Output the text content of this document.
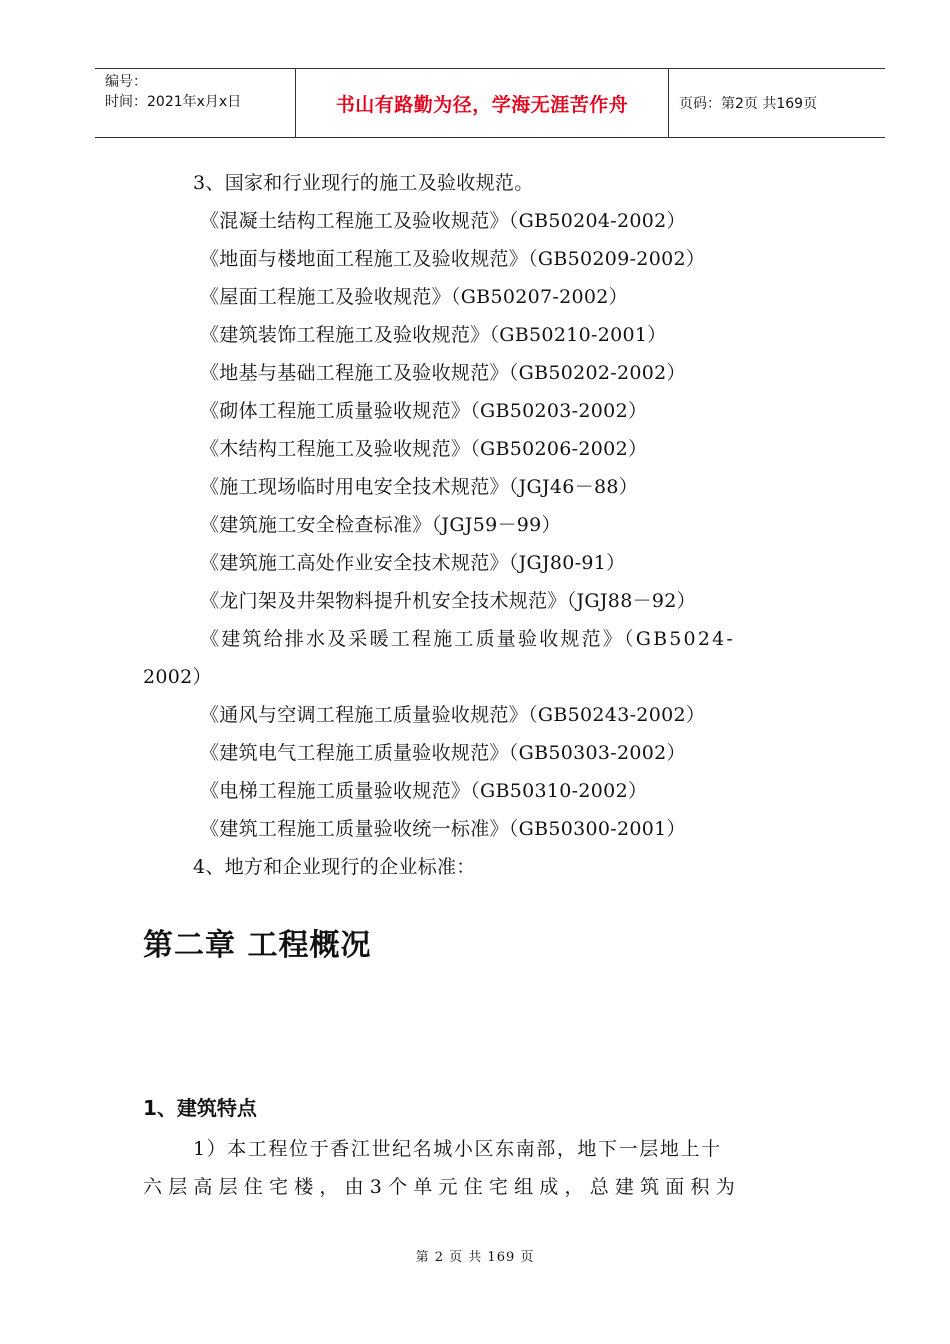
编号：
时间：2021年x月x日	书山有路勤为径，学海无涯苦作舟	页码：第2页 共169页
3、国家和行业现行的施工及验收规范。
《混凝土结构工程施工及验收规范》（GB50204-2002）
《地面与楼地面工程施工及验收规范》（GB50209-2002）
《屋面工程施工及验收规范》（GB50207-2002）
《建筑装饰工程施工及验收规范》（GB50210-2001）
《地基与基础工程施工及验收规范》（GB50202-2002）
《砌体工程施工质量验收规范》（GB50203-2002）
《木结构工程施工及验收规范》（GB50206-2002）
《施工现场临时用电安全技术规范》（JGJ46－88）
《建筑施工安全检查标准》（JGJ59－99）
《建筑施工高处作业安全技术规范》（JGJ80-91）
《龙门架及井架物料提升机安全技术规范》（JGJ88－92）
《建筑给排水及采暖工程施工质量验收规范》（GB5024-
2002）
《通风与空调工程施工质量验收规范》（GB50243-2002）
《建筑电气工程施工质量验收规范》（GB50303-2002）
《电梯工程施工质量验收规范》（GB50310-2002）
《建筑工程施工质量验收统一标准》（GB50300-2001）
4、地方和企业现行的企业标准：
第二章 工程概况
1、建筑特点
1）本工程位于香江世纪名城小区东南部，地下一层地上十
六层高层住宅楼，由3个单元住宅组成，总建筑面积为
第 2 页 共 169 页
